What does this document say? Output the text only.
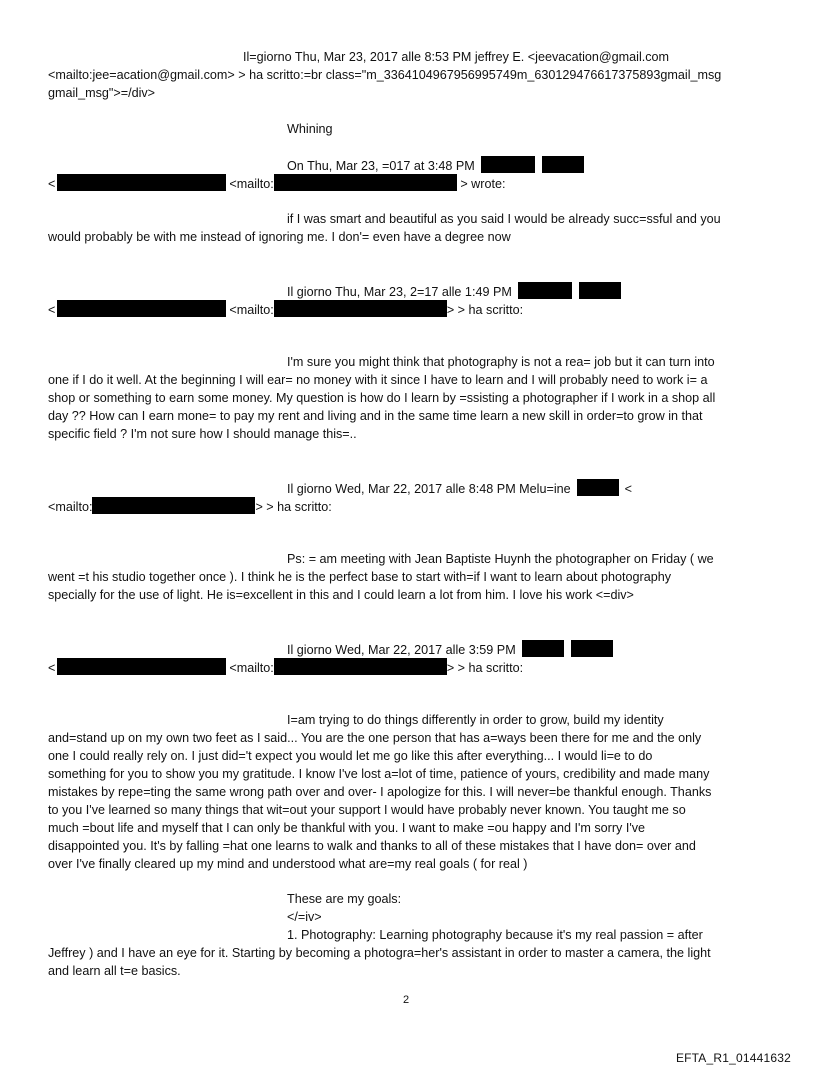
Il=giorno Thu, Mar 23, 2017 alle 8:53 PM jeffrey E. <jeevacation@gmail.com
<mailto:jee=acation@gmail.com> > ha scritto:=br class="m_3364104967956995749m_630129476617375893gmail_msg
gmail_msg">=/div>
Whining
On Thu, Mar 23, =017 at 3:48 PM
<	<mailto:	> wrote:
if I was smart and beautiful as you said I would be already succ=ssful and you
would probably be with me instead of ignoring me. I don'= even have a degree now
Il giorno Thu, Mar 23, 2=17 alle 1:49 PM
<	<mailto:	> > ha scritto:
I'm sure you might think that photography is not a rea= job but it can turn into
one if I do it well. At the beginning I will ear= no money with it since I have to learn and I will probably need to work i= a
shop or something to earn some money. My question is how do I learn by =ssisting a photographer if I work in a shop all
day ?? How can I earn mone= to pay my rent and living and in the same time learn a new skill in order=to grow in that
specific field ? I'm not sure how I should manage this=..
Il giorno Wed, Mar 22, 2017 alle 8:48 PM Melu=ine	<
<mailto:	> > ha scritto:
Ps: = am meeting with Jean Baptiste Huynh the photographer on Friday ( we
went =t his studio together once ). I think he is the perfect base to start with=if I want to learn about photography
specially for the use of light. He is=excellent in this and I could learn a lot from him. I love his work <=div>
Il giorno Wed, Mar 22, 2017 alle 3:59 PM
<	<mailto:	> > ha scritto:
I=am trying to do things differently in order to grow, build my identity
and=stand up on my own two feet as I said... You are the one person that has a=ways been there for me and the only
one I could really rely on. I just did='t expect you would let me go like this after everything... I would li=e to do
something for you to show you my gratitude. I know I've lost a=lot of time, patience of yours, credibility and made many
mistakes by repe=ting the same wrong path over and over- I apologize for this. I will never=be thankful enough. Thanks
to you I've learned so many things that wit=out your support I would have probably never known. You taught me so
much =bout life and myself that I can only be thankful with you. I want to make =ou happy and I'm sorry I've
disappointed you. It's by falling =hat one learns to walk and thanks to all of these mistakes that I have don= over and
over I've finally cleared up my mind and understood what are=my real goals ( for real )
These are my goals:
</=iv>
1. Photography: Learning photography because it's my real passion = after
Jeffrey ) and I have an eye for it. Starting by becoming a photogra=her's assistant in order to master a camera, the light
and learn all t=e basics.
2
EFTA_R1_01441632
